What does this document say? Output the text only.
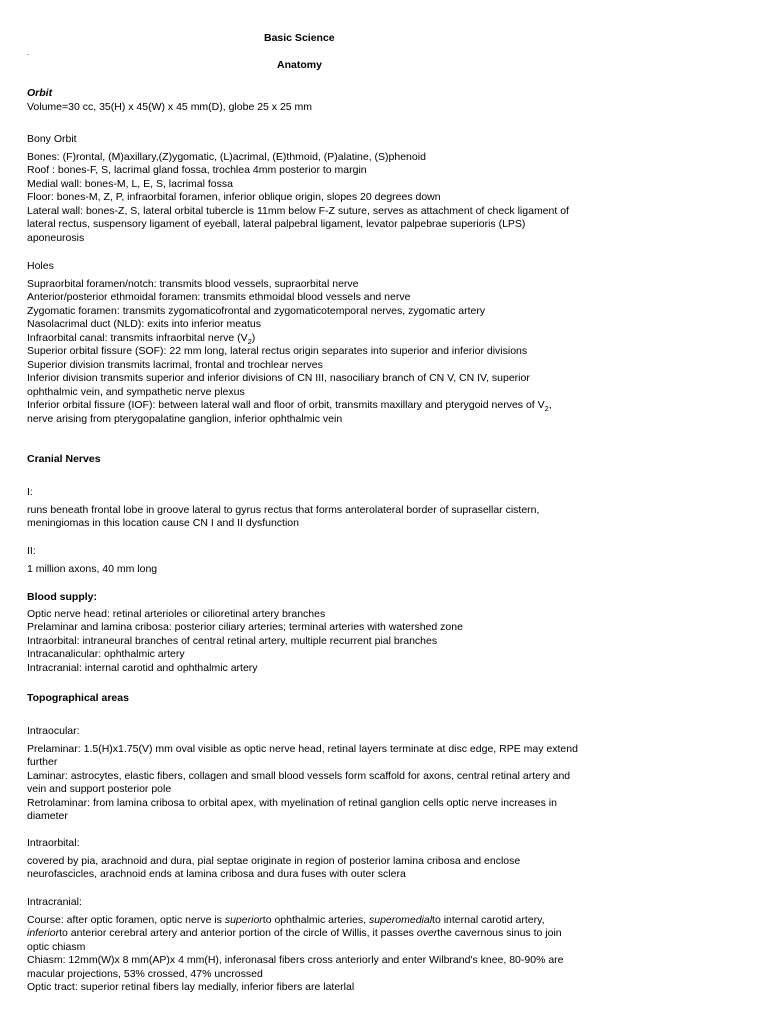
.
Basic Science
Anatomy
Orbit
Volume=30 cc, 35(H) x 45(W) x 45 mm(D), globe 25 x 25 mm
Bony Orbit
Bones: (F)rontal, (M)axillary,(Z)ygomatic, (L)acrimal, (E)thmoid, (P)alatine, (S)phenoid
Roof : bones-F, S, lacrimal gland fossa, trochlea 4mm posterior to margin
Medial wall: bones-M, L, E, S, lacrimal fossa
Floor: bones-M, Z, P, infraorbital foramen, inferior oblique origin, slopes 20 degrees down
Lateral wall: bones-Z, S, lateral orbital tubercle is 11mm below F-Z suture, serves as attachment of check ligament of lateral rectus, suspensory ligament of eyeball, lateral palpebral ligament, levator palpebrae superioris (LPS) aponeurosis
Holes
Supraorbital foramen/notch: transmits blood vessels, supraorbital nerve
Anterior/posterior ethmoidal foramen: transmits ethmoidal blood vessels and nerve
Zygomatic foramen: transmits zygomaticofrontal and zygomaticotemporal nerves, zygomatic artery
Nasolacrimal duct (NLD): exits into inferior meatus
Infraorbital canal: transmits infraorbital nerve $(V_2)$
Superior orbital fissure (SOF): 22 mm long, lateral rectus origin separates into superior and inferior divisions
Superior division transmits lacrimal, frontal and trochlear nerves
Inferior division transmits superior and inferior divisions of CN III, nasociliary branch of CN V, CN IV, superior ophthalmic vein, and sympathetic nerve plexus
Inferior orbital fissure (IOF): between lateral wall and floor of orbit, transmits maxillary and pterygoid nerves of $V_2$, nerve arising from pterygopalatine ganglion, inferior ophthalmic vein
Cranial Nerves
I:
runs beneath frontal lobe in groove lateral to gyrus rectus that forms anterolateral border of suprasellar cistern, meningiomas in this location cause CN I and II dysfunction
II:
1 million axons, 40 mm long
Blood supply:
Optic nerve head: retinal arterioles or cilioretinal artery branches
Prelaminar and lamina cribosa: posterior ciliary arteries; terminal arteries with watershed zone
Intraorbital: intraneural branches of central retinal artery, multiple recurrent pial branches
Intracanalicular: ophthalmic artery
Intracranial: internal carotid and ophthalmic artery
Topographical areas
Intraocular:
Prelaminar: 1.5(H)x1.75(V) mm oval visible as optic nerve head, retinal layers terminate at disc edge, RPE may extend further
Laminar: astrocytes, elastic fibers, collagen and small blood vessels form scaffold for axons, central retinal artery and vein and support posterior pole
Retrolaminar: from lamina cribosa to orbital apex, with myelination of retinal ganglion cells optic nerve increases in diameter
Intraorbital:
covered by pia, arachnoid and dura, pial septae originate in region of posterior lamina cribosa and enclose neurofascicles, arachnoid ends at lamina cribosa and dura fuses with outer sclera
Intracranial:
Course: after optic foramen, optic nerve is superiorto ophthalmic arteries, superomedialto internal carotid artery, inferiorto anterior cerebral artery and anterior portion of the circle of Willis, it passes overthe cavernous sinus to join optic chiasm
Chiasm: 12mm(W)x 8 mm(AP)x 4 mm(H), inferonasal fibers cross anteriorly and enter Wilbrand's knee, 80-90% are macular projections, 53% crossed, 47% uncrossed
Optic tract: superior retinal fibers lay medially, inferior fibers are laterlal
